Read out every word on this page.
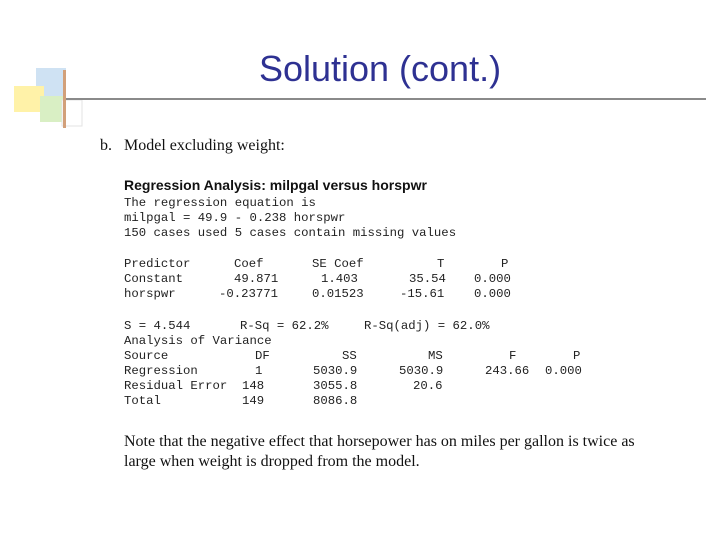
Solution (cont.)
b. Model excluding weight:
Regression Analysis: milpgal versus horspwr
The regression equation is
milpgal = 49.9 - 0.238 horspwr
150 cases used 5 cases contain missing values
Predictor	Coef	SE Coef	T	P
Constant	49.871	1.403	35.54 0.000
horspwr	-0.23771	0.01523	-15.61 0.000
S = 4.544	R-Sq = 62.2%	R-Sq(adj) = 62.0%
Analysis of Variance
Source	DF	SS	MS	F	P
Regression	1	5030.9	5030.9	243.66 0.000
Residual Error 148	3055.8	20.6
Total	149	8086.8
Note that the negative effect that horsepower has on miles per gallon is twice as large when weight is dropped from the model.
